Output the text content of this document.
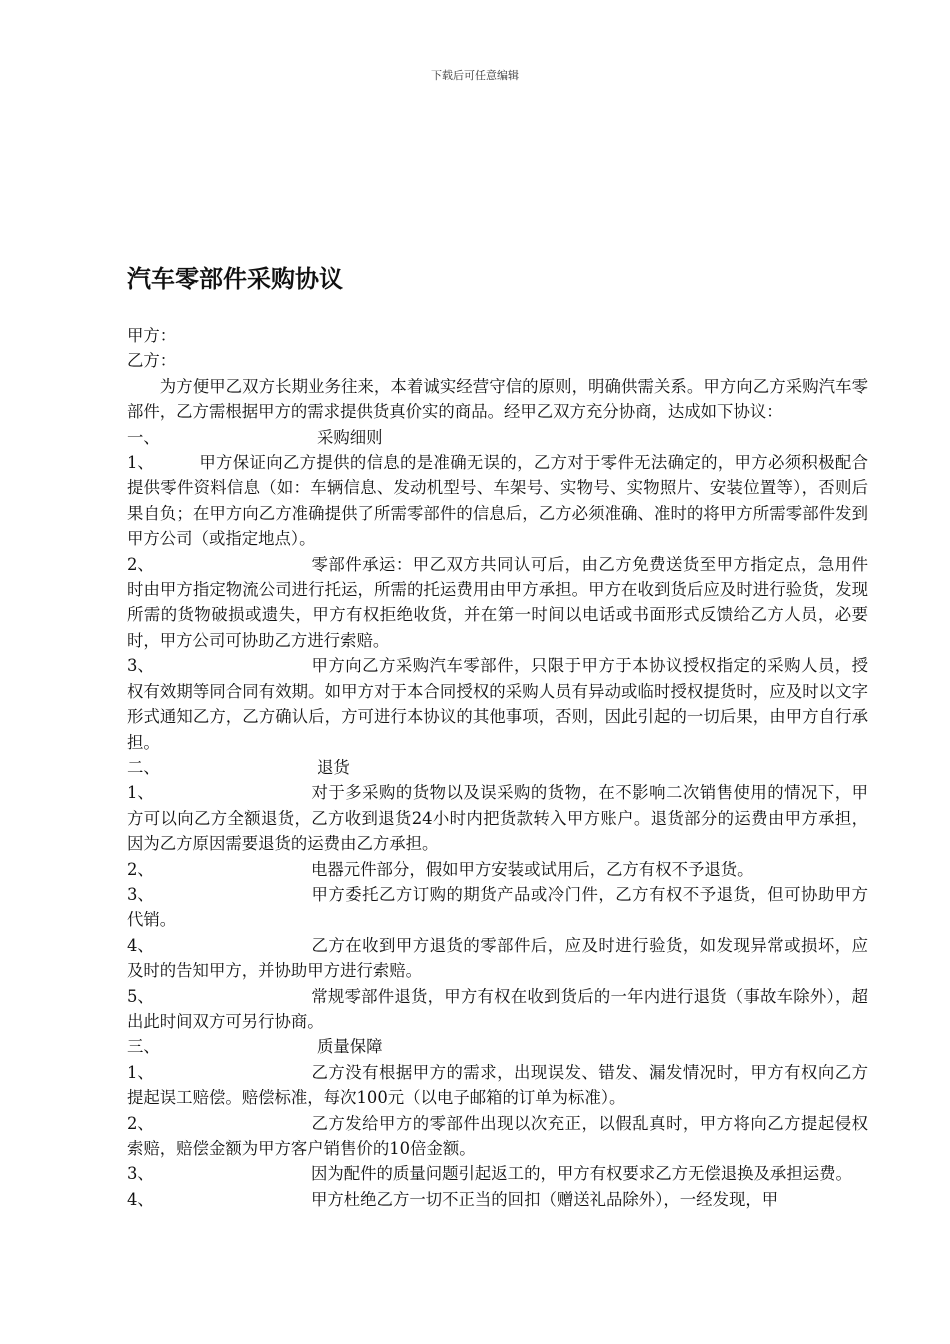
下载后可任意编辑
汽车零部件采购协议

甲方：

乙方：

为方便甲乙双方长期业务往来，本着诚实经营守信的原则，明确供需关系。甲方向乙方采购汽车零部件，乙方需根据甲方的需求提供货真价实的商品。经甲乙双方充分协商，达成如下协议：

一、	采购细则

1、	甲方保证向乙方提供的信息的是准确无误的，乙方对于零件无法确定的，甲方必须积极配合提供零件资料信息（如：车辆信息、发动机型号、车架号、实物号、实物照片、安装位置等），否则后果自负；在甲方向乙方准确提供了所需零部件的信息后，乙方必须准确、准时的将甲方所需零部件发到甲方公司（或指定地点）。

2、	零部件承运：甲乙双方共同认可后，由乙方免费送货至甲方指定点，急用件时由甲方指定物流公司进行托运，所需的托运费用由甲方承担。甲方在收到货后应及时进行验货，发现所需的货物破损或遗失，甲方有权拒绝收货，并在第一时间以电话或书面形式反馈给乙方人员，必要时，甲方公司可协助乙方进行索赔。

3、	甲方向乙方采购汽车零部件，只限于甲方于本协议授权指定的采购人员，授权有效期等同合同有效期。如甲方对于本合同授权的采购人员有异动或临时授权提货时，应及时以文字形式通知乙方，乙方确认后，方可进行本协议的其他事项，否则，因此引起的一切后果，由甲方自行承担。

二、	退货

1、	对于多采购的货物以及误采购的货物，在不影响二次销售使用的情况下，甲方可以向乙方全额退货，乙方收到退货24小时内把货款转入甲方账户。退货部分的运费由甲方承担，因为乙方原因需要退货的运费由乙方承担。

2、	电器元件部分，假如甲方安装或试用后，乙方有权不予退货。

3、	甲方委托乙方订购的期货产品或冷门件，乙方有权不予退货，但可协助甲方代销。

4、	乙方在收到甲方退货的零部件后，应及时进行验货，如发现异常或损坏，应及时的告知甲方，并协助甲方进行索赔。

5、	常规零部件退货，甲方有权在收到货后的一年内进行退货（事故车除外），超出此时间双方可另行协商。

三、	质量保障

1、	乙方没有根据甲方的需求，出现误发、错发、漏发情况时，甲方有权向乙方提起误工赔偿。赔偿标准，每次100元（以电子邮箱的订单为标准）。

2、	乙方发给甲方的零部件出现以次充正，以假乱真时，甲方将向乙方提起侵权索赔，赔偿金额为甲方客户销售价的10倍金额。

3、	因为配件的质量问题引起返工的，甲方有权要求乙方无偿退换及承担运费。

4、	甲方杜绝乙方一切不正当的回扣（赠送礼品除外），一经发现，甲
